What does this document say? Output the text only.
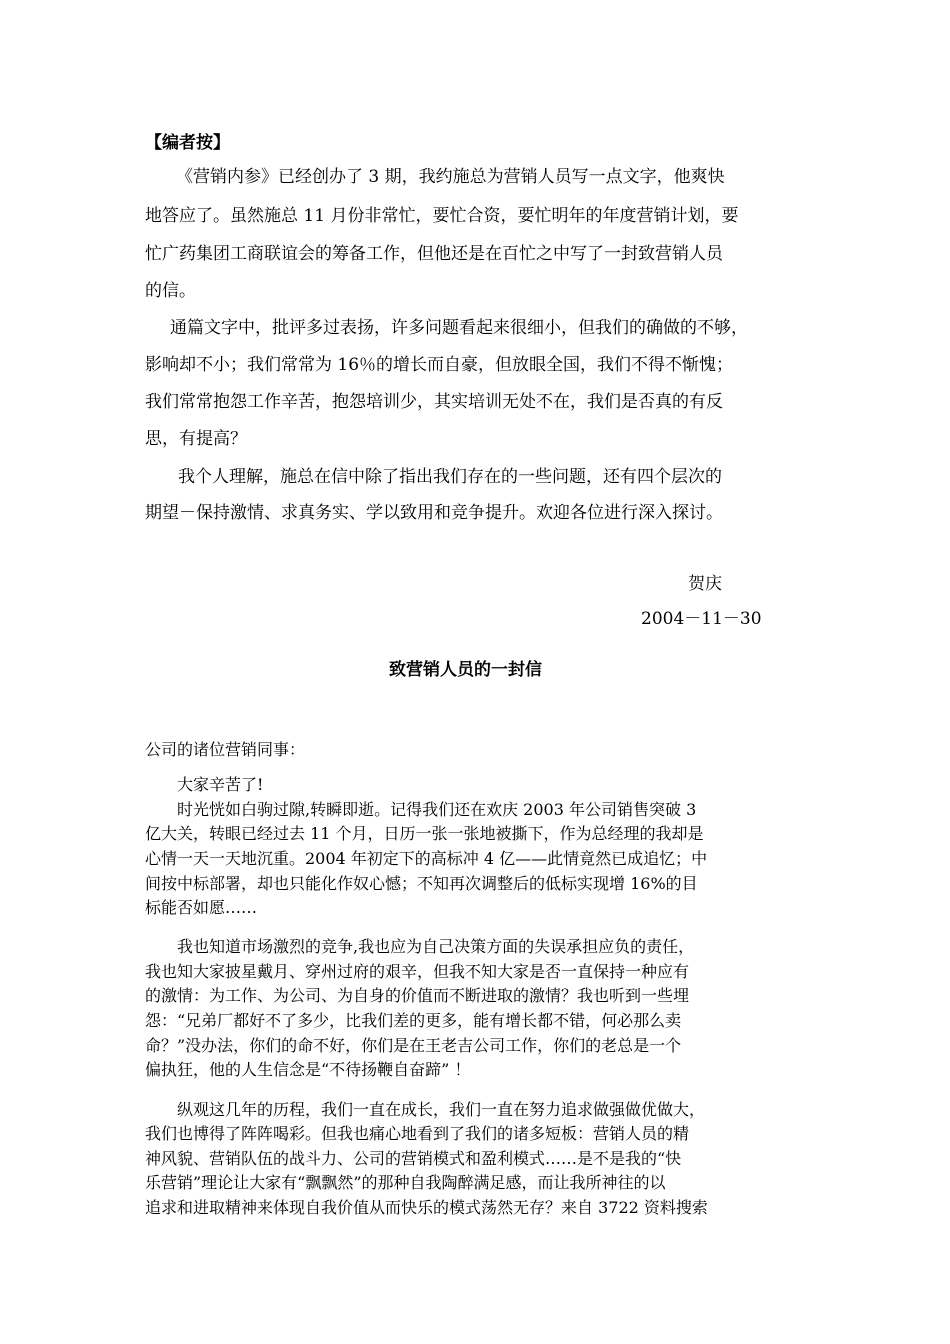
【编者按】

《营销内参》已经创办了 3 期，我约施总为营销人员写一点文字，他爽快

地答应了。虽然施总 11 月份非常忙，要忙合资，要忙明年的年度营销计划，要

忙广药集团工商联谊会的筹备工作，但他还是在百忙之中写了一封致营销人员

的信。

通篇文字中，批评多过表扬，许多问题看起来很细小，但我们的确做的不够，

影响却不小；我们常常为 16％的增长而自豪，但放眼全国，我们不得不惭愧；

我们常常抱怨工作辛苦，抱怨培训少，其实培训无处不在，我们是否真的有反

思，有提高？

我个人理解，施总在信中除了指出我们存在的一些问题，还有四个层次的

期望－保持激情、求真务实、学以致用和竞争提升。欢迎各位进行深入探讨。

贺庆

2004－11－30

致营销人员的一封信

公司的诸位营销同事：

大家辛苦了!

时光恍如白驹过隙,转瞬即逝。记得我们还在欢庆 2003 年公司销售突破 3

亿大关，转眼已经过去 11 个月，日历一张一张地被撕下，作为总经理的我却是

心情一天一天地沉重。2004 年初定下的高标冲 4 亿——此情竟然已成追忆；中

间按中标部署，却也只能化作奴心憾；不知再次调整后的低标实现增 16%的目

标能否如愿……

我也知道市场激烈的竞争,我也应为自己决策方面的失误承担应负的责任，

我也知大家披星戴月、穿州过府的艰辛，但我不知大家是否一直保持一种应有

的激情：为工作、为公司、为自身的价值而不断进取的激情？我也听到一些埋

怨：“兄弟厂都好不了多少，比我们差的更多，能有增长都不错，何必那么卖

命？”没办法，你们的命不好，你们是在王老吉公司工作，你们的老总是一个

偏执狂，他的人生信念是“不待扬鞭自奋蹄” ！

纵观这几年的历程，我们一直在成长，我们一直在努力追求做强做优做大，

我们也博得了阵阵喝彩。但我也痛心地看到了我们的诸多短板：营销人员的精

神风貌、营销队伍的战斗力、公司的营销模式和盈利模式……是不是我的“快

乐营销”理论让大家有“飘飘然”的那种自我陶醉满足感，而让我所神往的以

追求和进取精神来体现自我价值从而快乐的模式荡然无存？来自 3722 资料搜索
